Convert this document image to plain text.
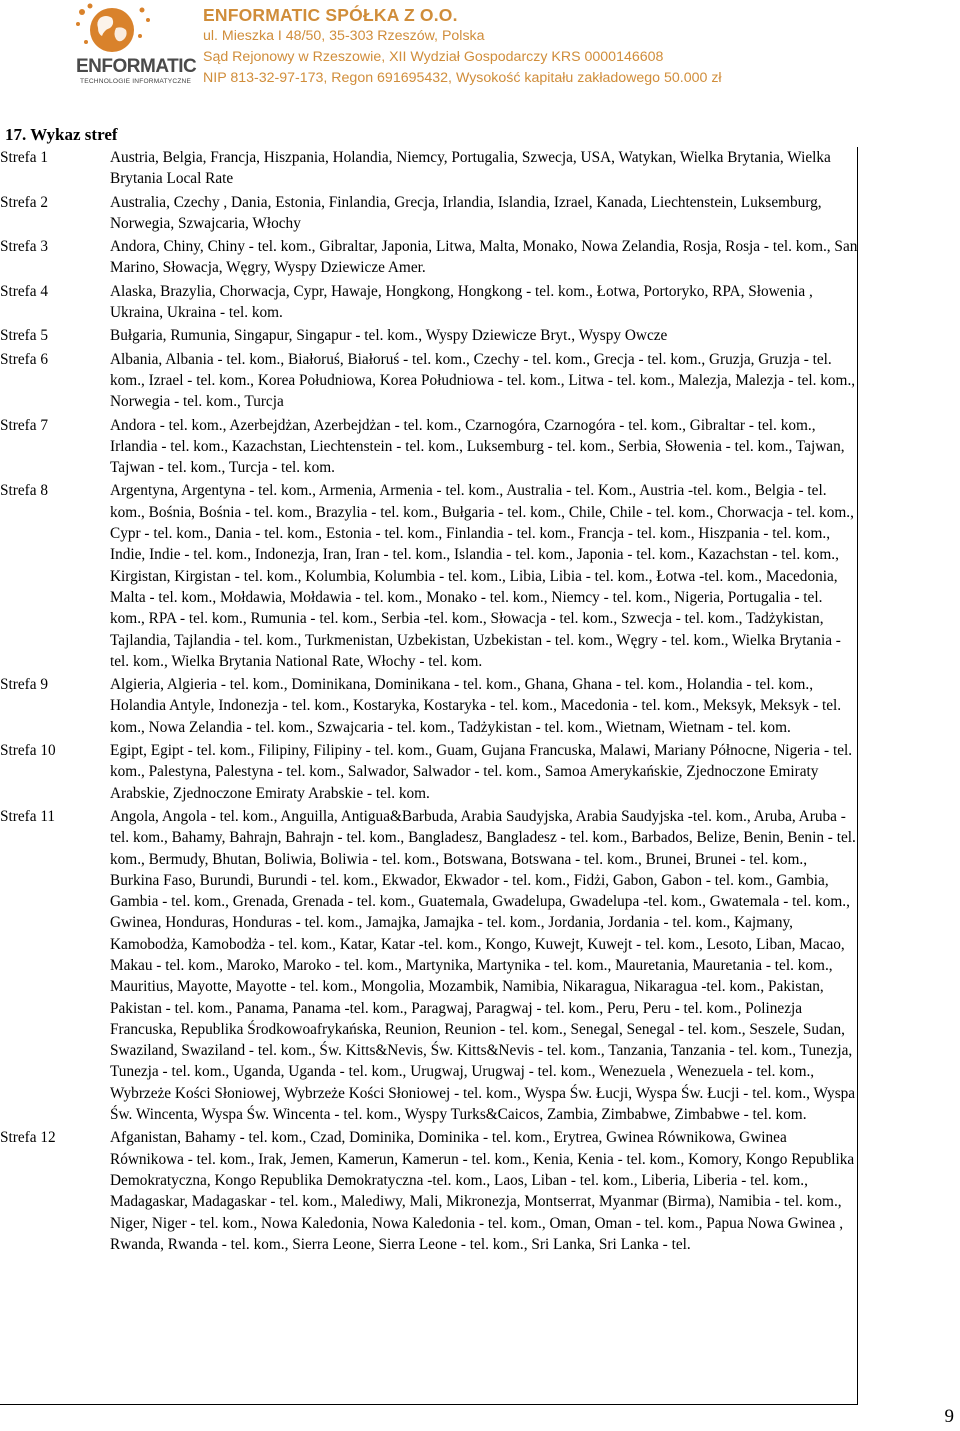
ENFORMATIC
TECHNOLOGIE INFORMATYCZNE
ENFORMATIC SPÓŁKA Z O.O.
ul. Mieszka I 48/50, 35-303 Rzeszów, Polska
Sąd Rejonowy w Rzeszowie, XII Wydział Gospodarczy KRS 0000146608
NIP 813-32-97-173, Regon 691695432, Wysokość kapitału zakładowego 50.000 zł
17. Wykaz stref
Strefa 1	Austria, Belgia, Francja, Hiszpania, Holandia, Niemcy, Portugalia, Szwecja, USA, Watykan, Wielka Brytania, Wielka Brytania Local Rate
Strefa 2	Australia, Czechy , Dania, Estonia, Finlandia, Grecja, Irlandia, Islandia, Izrael, Kanada, Liechtenstein, Luksemburg, Norwegia, Szwajcaria, Włochy
Strefa 3	Andora, Chiny, Chiny - tel. kom., Gibraltar, Japonia, Litwa, Malta, Monako, Nowa Zelandia, Rosja, Rosja - tel. kom., San Marino, Słowacja, Węgry, Wyspy Dziewicze Amer.
Strefa 4	Alaska, Brazylia, Chorwacja, Cypr, Hawaje, Hongkong, Hongkong - tel. kom., Łotwa, Portoryko, RPA, Słowenia , Ukraina, Ukraina - tel. kom.
Strefa 5	Bułgaria, Rumunia, Singapur, Singapur - tel. kom., Wyspy Dziewicze Bryt., Wyspy Owcze
Strefa 6	Albania, Albania - tel. kom., Białoruś, Białoruś - tel. kom., Czechy - tel. kom., Grecja - tel. kom., Gruzja, Gruzja - tel. kom., Izrael - tel. kom., Korea Południowa, Korea Południowa - tel. kom., Litwa - tel. kom., Malezja, Malezja - tel. kom., Norwegia - tel. kom., Turcja
Strefa 7	Andora - tel. kom., Azerbejdżan, Azerbejdżan - tel. kom., Czarnogóra, Czarnogóra - tel. kom., Gibraltar - tel. kom., Irlandia - tel. kom., Kazachstan, Liechtenstein - tel. kom., Luksemburg - tel. kom., Serbia, Słowenia - tel. kom., Tajwan, Tajwan - tel. kom., Turcja - tel. kom.
Strefa 8	Argentyna, Argentyna - tel. kom., Armenia, Armenia - tel. kom., Australia - tel. Kom., Austria -tel. kom., Belgia - tel. kom., Bośnia, Bośnia - tel. kom., Brazylia - tel. kom., Bułgaria - tel. kom., Chile, Chile - tel. kom., Chorwacja - tel. kom., Cypr - tel. kom., Dania - tel. kom., Estonia - tel. kom., Finlandia - tel. kom., Francja - tel. kom., Hiszpania - tel. kom., Indie, Indie - tel. kom., Indonezja, Iran, Iran - tel. kom., Islandia - tel. kom., Japonia - tel. kom., Kazachstan - tel. kom., Kirgistan, Kirgistan - tel. kom., Kolumbia, Kolumbia - tel. kom., Libia, Libia - tel. kom., Łotwa -tel. kom., Macedonia, Malta - tel. kom., Mołdawia, Mołdawia - tel. kom., Monako - tel. kom., Niemcy - tel. kom., Nigeria, Portugalia - tel. kom., RPA - tel. kom., Rumunia - tel. kom., Serbia -tel. kom., Słowacja - tel. kom., Szwecja - tel. kom., Tadżykistan, Tajlandia, Tajlandia - tel. kom., Turkmenistan, Uzbekistan, Uzbekistan - tel. kom., Węgry - tel. kom., Wielka Brytania - tel. kom., Wielka Brytania National Rate, Włochy - tel. kom.
Strefa 9	Algieria, Algieria - tel. kom., Dominikana, Dominikana - tel. kom., Ghana, Ghana - tel. kom., Holandia - tel. kom., Holandia Antyle, Indonezja - tel. kom., Kostaryka, Kostaryka - tel. kom., Macedonia - tel. kom., Meksyk, Meksyk - tel. kom., Nowa Zelandia - tel. kom., Szwajcaria - tel. kom., Tadżykistan - tel. kom., Wietnam, Wietnam - tel. kom.
Strefa 10	Egipt, Egipt - tel. kom., Filipiny, Filipiny - tel. kom., Guam, Gujana Francuska, Malawi, Mariany Północne, Nigeria - tel. kom., Palestyna, Palestyna - tel. kom., Salwador, Salwador - tel. kom., Samoa Amerykańskie, Zjednoczone Emiraty Arabskie, Zjednoczone Emiraty Arabskie - tel. kom.
Strefa 11	Angola, Angola - tel. kom., Anguilla, Antigua&Barbuda, Arabia Saudyjska, Arabia Saudyjska -tel. kom., Aruba, Aruba - tel. kom., Bahamy, Bahrajn, Bahrajn - tel. kom., Bangladesz, Bangladesz - tel. kom., Barbados, Belize, Benin, Benin - tel. kom., Bermudy, Bhutan, Boliwia, Boliwia - tel. kom., Botswana, Botswana - tel. kom., Brunei, Brunei - tel. kom., Burkina Faso, Burundi, Burundi - tel. kom., Ekwador, Ekwador - tel. kom., Fidżi, Gabon, Gabon - tel. kom., Gambia, Gambia - tel. kom., Grenada, Grenada - tel. kom., Guatemala, Gwadelupa, Gwadelupa -tel. kom., Gwatemala - tel. kom., Gwinea, Honduras, Honduras - tel. kom., Jamajka, Jamajka - tel. kom., Jordania, Jordania - tel. kom., Kajmany, Kamobodża, Kamobodża - tel. kom., Katar, Katar -tel. kom., Kongo, Kuwejt, Kuwejt - tel. kom., Lesoto, Liban, Macao, Makau - tel. kom., Maroko, Maroko - tel. kom., Martynika, Martynika - tel. kom., Mauretania, Mauretania - tel. kom., Mauritius, Mayotte, Mayotte - tel. kom., Mongolia, Mozambik, Namibia, Nikaragua, Nikaragua -tel. kom., Pakistan, Pakistan - tel. kom., Panama, Panama -tel. kom., Paragwaj, Paragwaj - tel. kom., Peru, Peru - tel. kom., Polinezja Francuska, Republika Środkowoafrykańska, Reunion, Reunion - tel. kom., Senegal, Senegal - tel. kom., Seszele, Sudan, Swaziland, Swaziland - tel. kom., Św. Kitts&Nevis, Św. Kitts&Nevis - tel. kom., Tanzania, Tanzania - tel. kom., Tunezja, Tunezja - tel. kom., Uganda, Uganda - tel. kom., Urugwaj, Urugwaj - tel. kom., Wenezuela , Wenezuela - tel. kom., Wybrzeże Kości Słoniowej, Wybrzeże Kości Słoniowej - tel. kom., Wyspa Św. Łucji, Wyspa Św. Łucji - tel. kom., Wyspa Św. Wincenta, Wyspa Św. Wincenta - tel. kom., Wyspy Turks&Caicos, Zambia, Zimbabwe, Zimbabwe - tel. kom.
Strefa 12	Afganistan, Bahamy - tel. kom., Czad, Dominika, Dominika - tel. kom., Erytrea, Gwinea Równikowa, Gwinea Równikowa - tel. kom., Irak, Jemen, Kamerun, Kamerun - tel. kom., Kenia, Kenia - tel. kom., Komory, Kongo Republika Demokratyczna, Kongo Republika Demokratyczna -tel. kom., Laos, Liban - tel. kom., Liberia, Liberia - tel. kom., Madagaskar, Madagaskar - tel. kom., Malediwy, Mali, Mikronezja, Montserrat, Myanmar (Birma), Namibia - tel. kom., Niger, Niger - tel. kom., Nowa Kaledonia, Nowa Kaledonia - tel. kom., Oman, Oman - tel. kom., Papua Nowa Gwinea , Rwanda, Rwanda - tel. kom., Sierra Leone, Sierra Leone - tel. kom., Sri Lanka, Sri Lanka - tel.
9
